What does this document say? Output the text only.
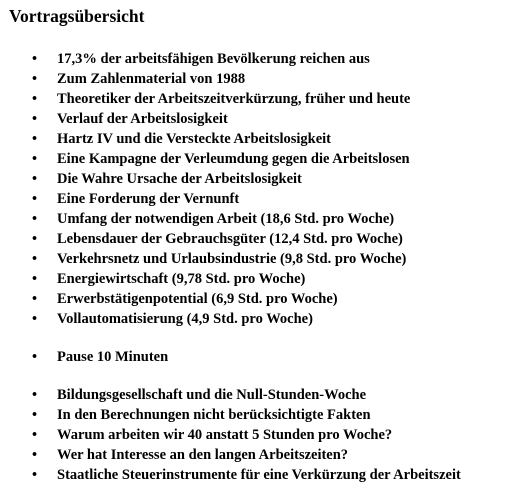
Vortragsübersicht
• 17,3% der arbeitsfähigen Bevölkerung reichen aus
• Zum Zahlenmaterial von 1988
• Theoretiker der Arbeitszeitverkürzung, früher und heute
• Verlauf der Arbeitslosigkeit
• Hartz IV und die Versteckte Arbeitslosigkeit
• Eine Kampagne der Verleumdung gegen die Arbeitslosen
• Die Wahre Ursache der Arbeitslosigkeit
• Eine Forderung der Vernunft
• Umfang der notwendigen Arbeit (18,6 Std. pro Woche)
• Lebensdauer der Gebrauchsgüter (12,4 Std. pro Woche)
• Verkehrsnetz und Urlaubsindustrie (9,8 Std. pro Woche)
• Energiewirtschaft (9,78 Std. pro Woche)
• Erwerbstätigenpotential (6,9 Std. pro Woche)
• Vollautomatisierung (4,9 Std. pro Woche)
• Pause 10 Minuten
• Bildungsgesellschaft und die Null-Stunden-Woche
• In den Berechnungen nicht berücksichtigte Fakten
• Warum arbeiten wir 40 anstatt 5 Stunden pro Woche?
• Wer hat Interesse an den langen Arbeitszeiten?
• Staatliche Steuerinstrumente für eine Verkürzung der Arbeitszeit
